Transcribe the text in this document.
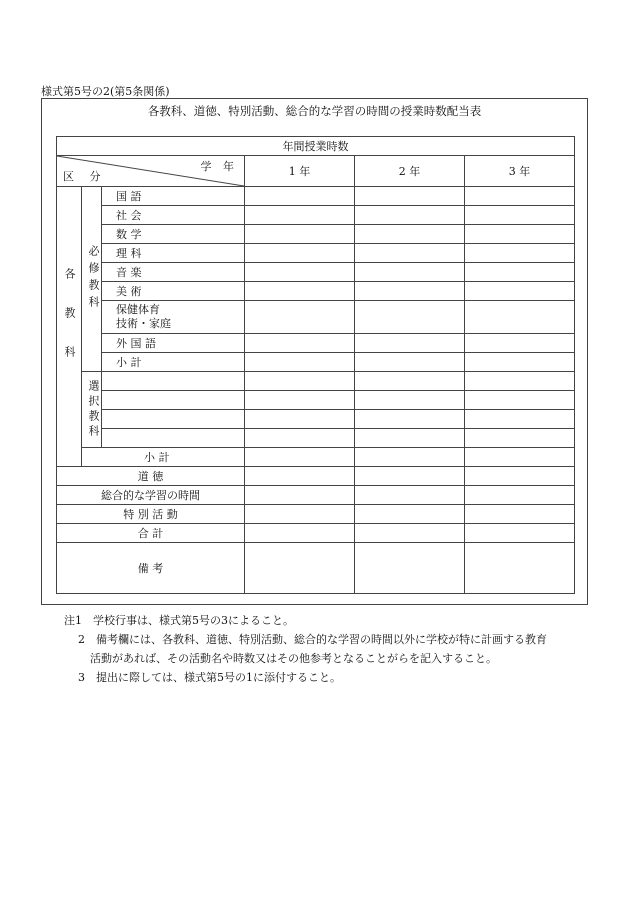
様式第5号の2(第5条関係)
各教科、道徳、特別活動、総合的な学習の時間の授業時数配当表
年間授業時数					

学 年
区 分			1 年	2 年	3 年

各教科	必修教科	国 語			
		社 会			
		数 学			
		理 科			
		音 楽			
		美 術			

		保健体育
技術・家庭			

		外 国 語			
		小 計			

	選択教科				

	小 計				
道 徳					
総合的な学習の時間					
特 別 活 動					
合 計					
備 考					
注1　学校行事は、様式第5号の3によること。
2　備考欄には、各教科、道徳、特別活動、総合的な学習の時間以外に学校が特に計画する教育
活動があれば、その活動名や時数又はその他参考となることがらを記入すること。
3　提出に際しては、様式第5号の1に添付すること。
